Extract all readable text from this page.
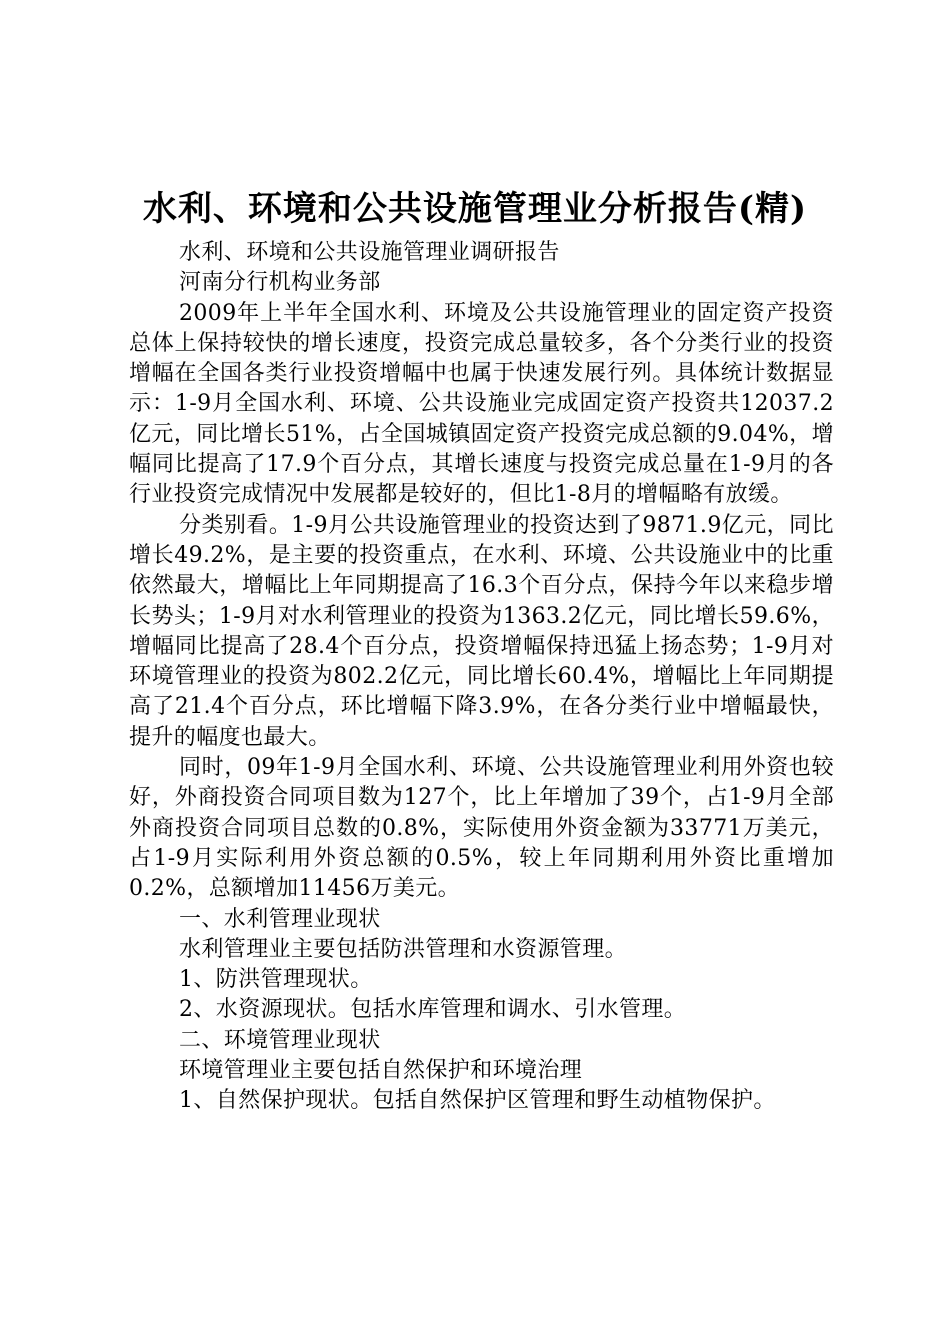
水利、环境和公共设施管理业分析报告(精)

水利、环境和公共设施管理业调研报告

河南分行机构业务部

2009年上半年全国水利、环境及公共设施管理业的固定资产投资总体上保持较快的增长速度，投资完成总量较多，各个分类行业的投资增幅在全国各类行业投资增幅中也属于快速发展行列。具体统计数据显示：1-9月全国水利、环境、公共设施业完成固定资产投资共12037.2亿元，同比增长51%，占全国城镇固定资产投资完成总额的9.04%，增幅同比提高了17.9个百分点，其增长速度与投资完成总量在1-9月的各行业投资完成情况中发展都是较好的，但比1-8月的增幅略有放缓。

分类别看。1-9月公共设施管理业的投资达到了9871.9亿元，同比增长49.2%，是主要的投资重点，在水利、环境、公共设施业中的比重依然最大，增幅比上年同期提高了16.3个百分点，保持今年以来稳步增长势头；1-9月对水利管理业的投资为1363.2亿元，同比增长59.6%，增幅同比提高了28.4个百分点，投资增幅保持迅猛上扬态势；1-9月对环境管理业的投资为802.2亿元，同比增长60.4%，增幅比上年同期提高了21.4个百分点，环比增幅下降3.9%，在各分类行业中增幅最快，提升的幅度也最大。

同时，09年1-9月全国水利、环境、公共设施管理业利用外资也较好，外商投资合同项目数为127个，比上年增加了39个，占1-9月全部外商投资合同项目总数的0.8%，实际使用外资金额为33771万美元，占1-9月实际利用外资总额的0.5%，较上年同期利用外资比重增加0.2%，总额增加11456万美元。

一、水利管理业现状

水利管理业主要包括防洪管理和水资源管理。

1、防洪管理现状。

2、水资源现状。包括水库管理和调水、引水管理。

二、环境管理业现状

环境管理业主要包括自然保护和环境治理

1、自然保护现状。包括自然保护区管理和野生动植物保护。
